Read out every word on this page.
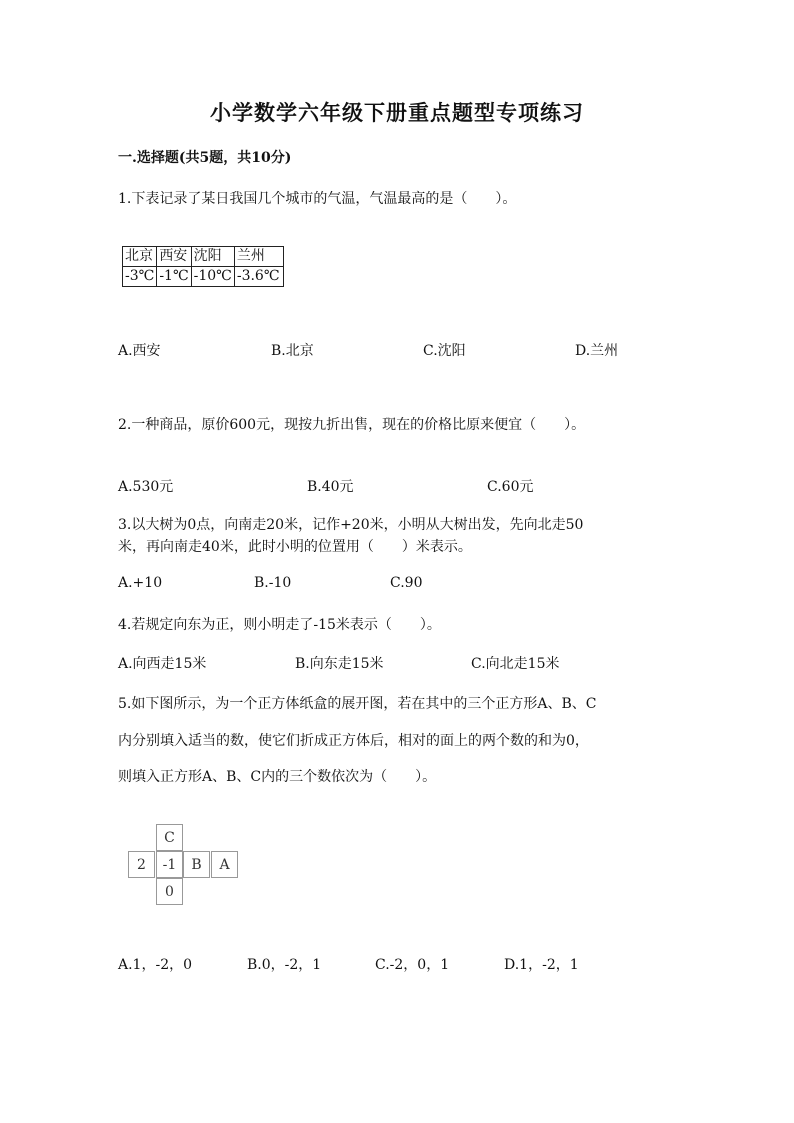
小学数学六年级下册重点题型专项练习
一.选择题(共5题，共10分)
1.下表记录了某日我国几个城市的气温，气温最高的是（　　）。
北京	西安	沈阳	兰州
-3℃	-1℃	-10℃	-3.6℃
A.西安	B.北京	C.沈阳	D.兰州
2.一种商品，原价600元，现按九折出售，现在的价格比原来便宜（　　）。
A.530元	B.40元	C.60元
3.以大树为0点，向南走20米，记作+20米，小明从大树出发，先向北走50
米，再向南走40米，此时小明的位置用（　　）米表示。
A.+10	B.-10	C.90
4.若规定向东为正，则小明走了-15米表示（　　）。
A.向西走15米	B.向东走15米	C.向北走15米
5.如下图所示，为一个正方体纸盒的展开图，若在其中的三个正方形A、B、C
内分别填入适当的数，使它们折成正方体后，相对的面上的两个数的和为0，
则填入正方形A、B、C内的三个数依次为（　　）。
C
2	-1	B	A
0
A.1，-2，0	B.0，-2，1	C.-2，0，1	D.1，-2，1
